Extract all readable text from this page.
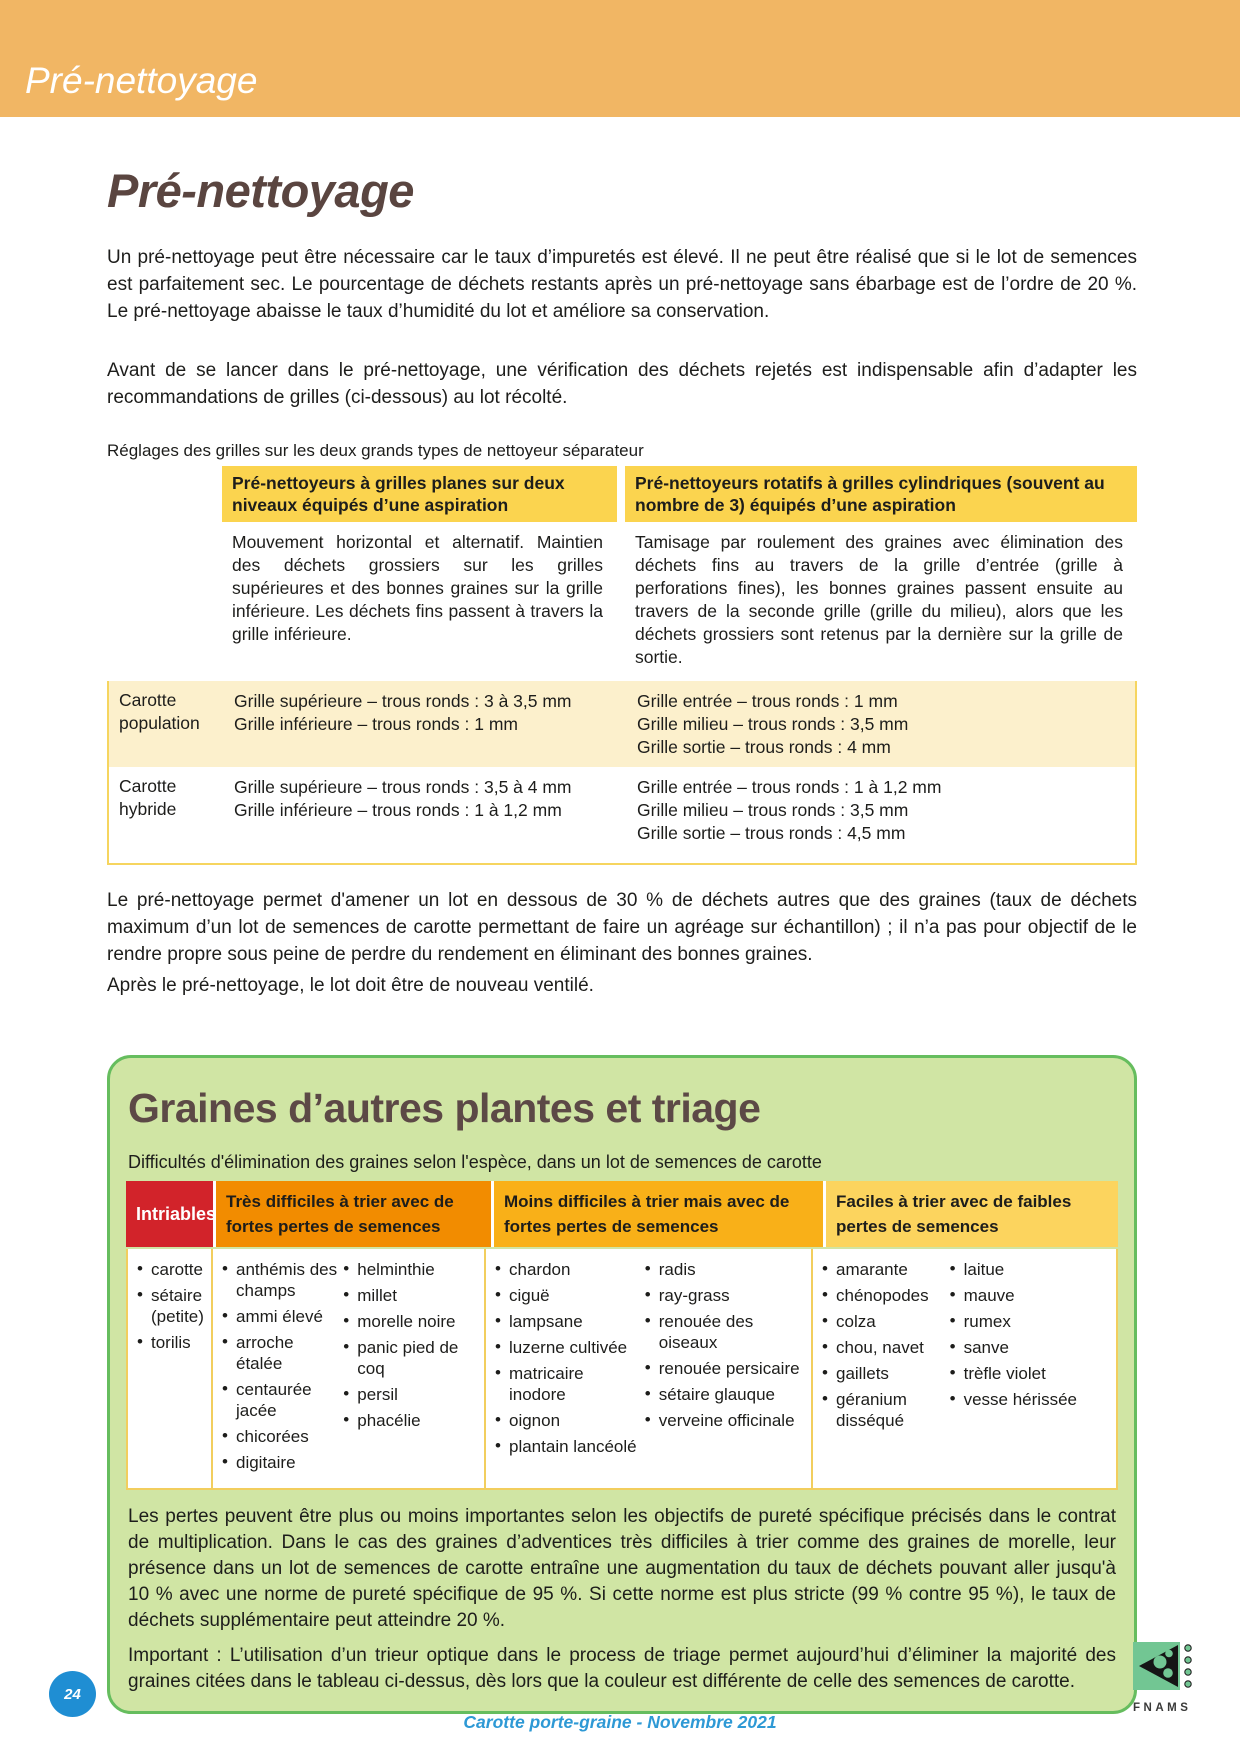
Pré-nettoyage
Pré-nettoyage

Un pré-nettoyage peut être nécessaire car le taux d’impuretés est élevé. Il ne peut être réalisé que si le lot de semences est parfaitement sec. Le pourcentage de déchets restants après un pré-nettoyage sans ébarbage est de l’ordre de 20 %. Le pré-nettoyage abaisse le taux d’humidité du lot et améliore sa conservation.

Avant de se lancer dans le pré-nettoyage, une vérification des déchets rejetés est indispensable afin d’adapter les recommandations de grilles (ci-dessous) au lot récolté.

Réglages des grilles sur les deux grands types de nettoyeur séparateur
Pré-nettoyeurs à grilles planes sur deux niveaux équipés d’une aspiration
Pré-nettoyeurs rotatifs à grilles cylindriques (souvent au nombre de 3) équipés d’une aspiration
Mouvement horizontal et alternatif. Maintien des déchets grossiers sur les grilles supérieures et des bonnes graines sur la grille inférieure. Les déchets fins passent à travers la grille inférieure.
Tamisage par roulement des graines avec élimination des déchets fins au travers de la grille d’entrée (grille à perforations fines), les bonnes graines passent ensuite au travers de la seconde grille (grille du milieu), alors que les déchets grossiers sont retenus par la dernière sur la grille de sortie.
Carotte population
Grille supérieure – trous ronds : 3 à 3,5 mm
Grille inférieure – trous ronds : 1 mm
Grille entrée – trous ronds : 1 mm
Grille milieu – trous ronds : 3,5 mm
Grille sortie – trous ronds : 4 mm
Carotte hybride
Grille supérieure – trous ronds : 3,5 à 4 mm
Grille inférieure – trous ronds : 1 à 1,2 mm
Grille entrée – trous ronds : 1 à 1,2 mm
Grille milieu – trous ronds : 3,5 mm
Grille sortie – trous ronds : 4,5 mm

Le pré-nettoyage permet d'amener un lot en dessous de 30 % de déchets autres que des graines (taux de déchets maximum d’un lot de semences de carotte permettant de faire un agréage sur échantillon) ; il n’a pas pour objectif de le rendre propre sous peine de perdre du rendement en éliminant des bonnes graines.

Après le pré-nettoyage, le lot doit être de nouveau ventilé.

Graines d’autres plantes et triage
Difficultés d'élimination des graines selon l'espèce, dans un lot de semences de carotte
Intriables
Très difficiles à trier avec de fortes pertes de semences
Moins difficiles à trier mais avec de fortes pertes de semences
Faciles à trier avec de faibles pertes de semences
• carotte
• sétaire (petite)
• torilis
• anthémis des champs
• ammi élevé
• arroche étalée
• centaurée jacée
• chicorées
• digitaire
• helminthie
• millet
• morelle noire
• panic pied de coq
• persil
• phacélie
• chardon
• ciguë
• lampsane
• luzerne cultivée
• matricaire inodore
• oignon
• plantain lancéolé
• radis
• ray-grass
• renouée des oiseaux
• renouée persicaire
• sétaire glauque
• verveine officinale
• amarante
• chénopodes
• colza
• chou, navet
• gaillets
• géranium disséqué
• laitue
• mauve
• rumex
• sanve
• trèfle violet
• vesse hérissée

Les pertes peuvent être plus ou moins importantes selon les objectifs de pureté spécifique précisés dans le contrat de multiplication. Dans le cas des graines d’adventices très difficiles à trier comme des graines de morelle, leur présence dans un lot de semences de carotte entraîne une augmentation du taux de déchets pouvant aller jusqu'à 10 % avec une norme de pureté spécifique de 95 %. Si cette norme est plus stricte (99 % contre 95 %), le taux de déchets supplémentaire peut atteindre 20 %.

Important : L’utilisation d’un trieur optique dans le process de triage permet aujourd’hui d’éliminer la majorité des graines citées dans le tableau ci-dessus, dès lors que la couleur est différente de celle des semences de carotte.

24
Carotte porte-graine - Novembre 2021
FNAMS
